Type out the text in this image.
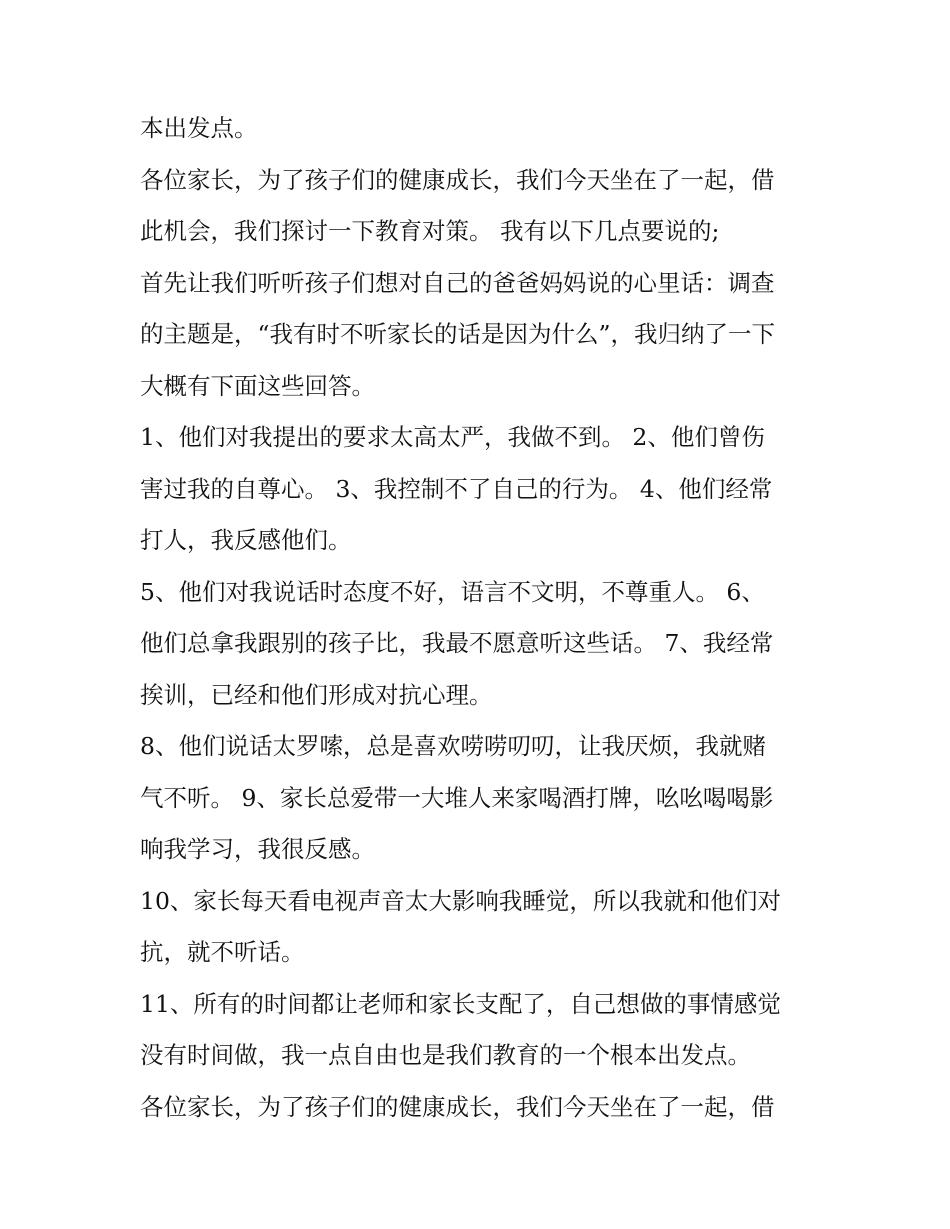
本出发点。
各位家长，为了孩子们的健康成长，我们今天坐在了一起，借
此机会，我们探讨一下教育对策。 我有以下几点要说的;
首先让我们听听孩子们想对自己的爸爸妈妈说的心里话：调查
的主题是，“我有时不听家长的话是因为什么”，我归纳了一下
大概有下面这些回答。
1、他们对我提出的要求太高太严，我做不到。 2、他们曾伤
害过我的自尊心。 3、我控制不了自己的行为。 4、他们经常
打人，我反感他们。
5、他们对我说话时态度不好，语言不文明，不尊重人。 6、
他们总拿我跟别的孩子比，我最不愿意听这些话。 7、我经常
挨训，已经和他们形成对抗心理。
8、他们说话太罗嗦，总是喜欢唠唠叨叨，让我厌烦，我就赌
气不听。 9、家长总爱带一大堆人来家喝酒打牌，吆吆喝喝影
响我学习，我很反感。
10、家长每天看电视声音太大影响我睡觉，所以我就和他们对
抗，就不听话。
11、所有的时间都让老师和家长支配了，自己想做的事情感觉
没有时间做，我一点自由也是我们教育的一个根本出发点。
各位家长，为了孩子们的健康成长，我们今天坐在了一起，借
